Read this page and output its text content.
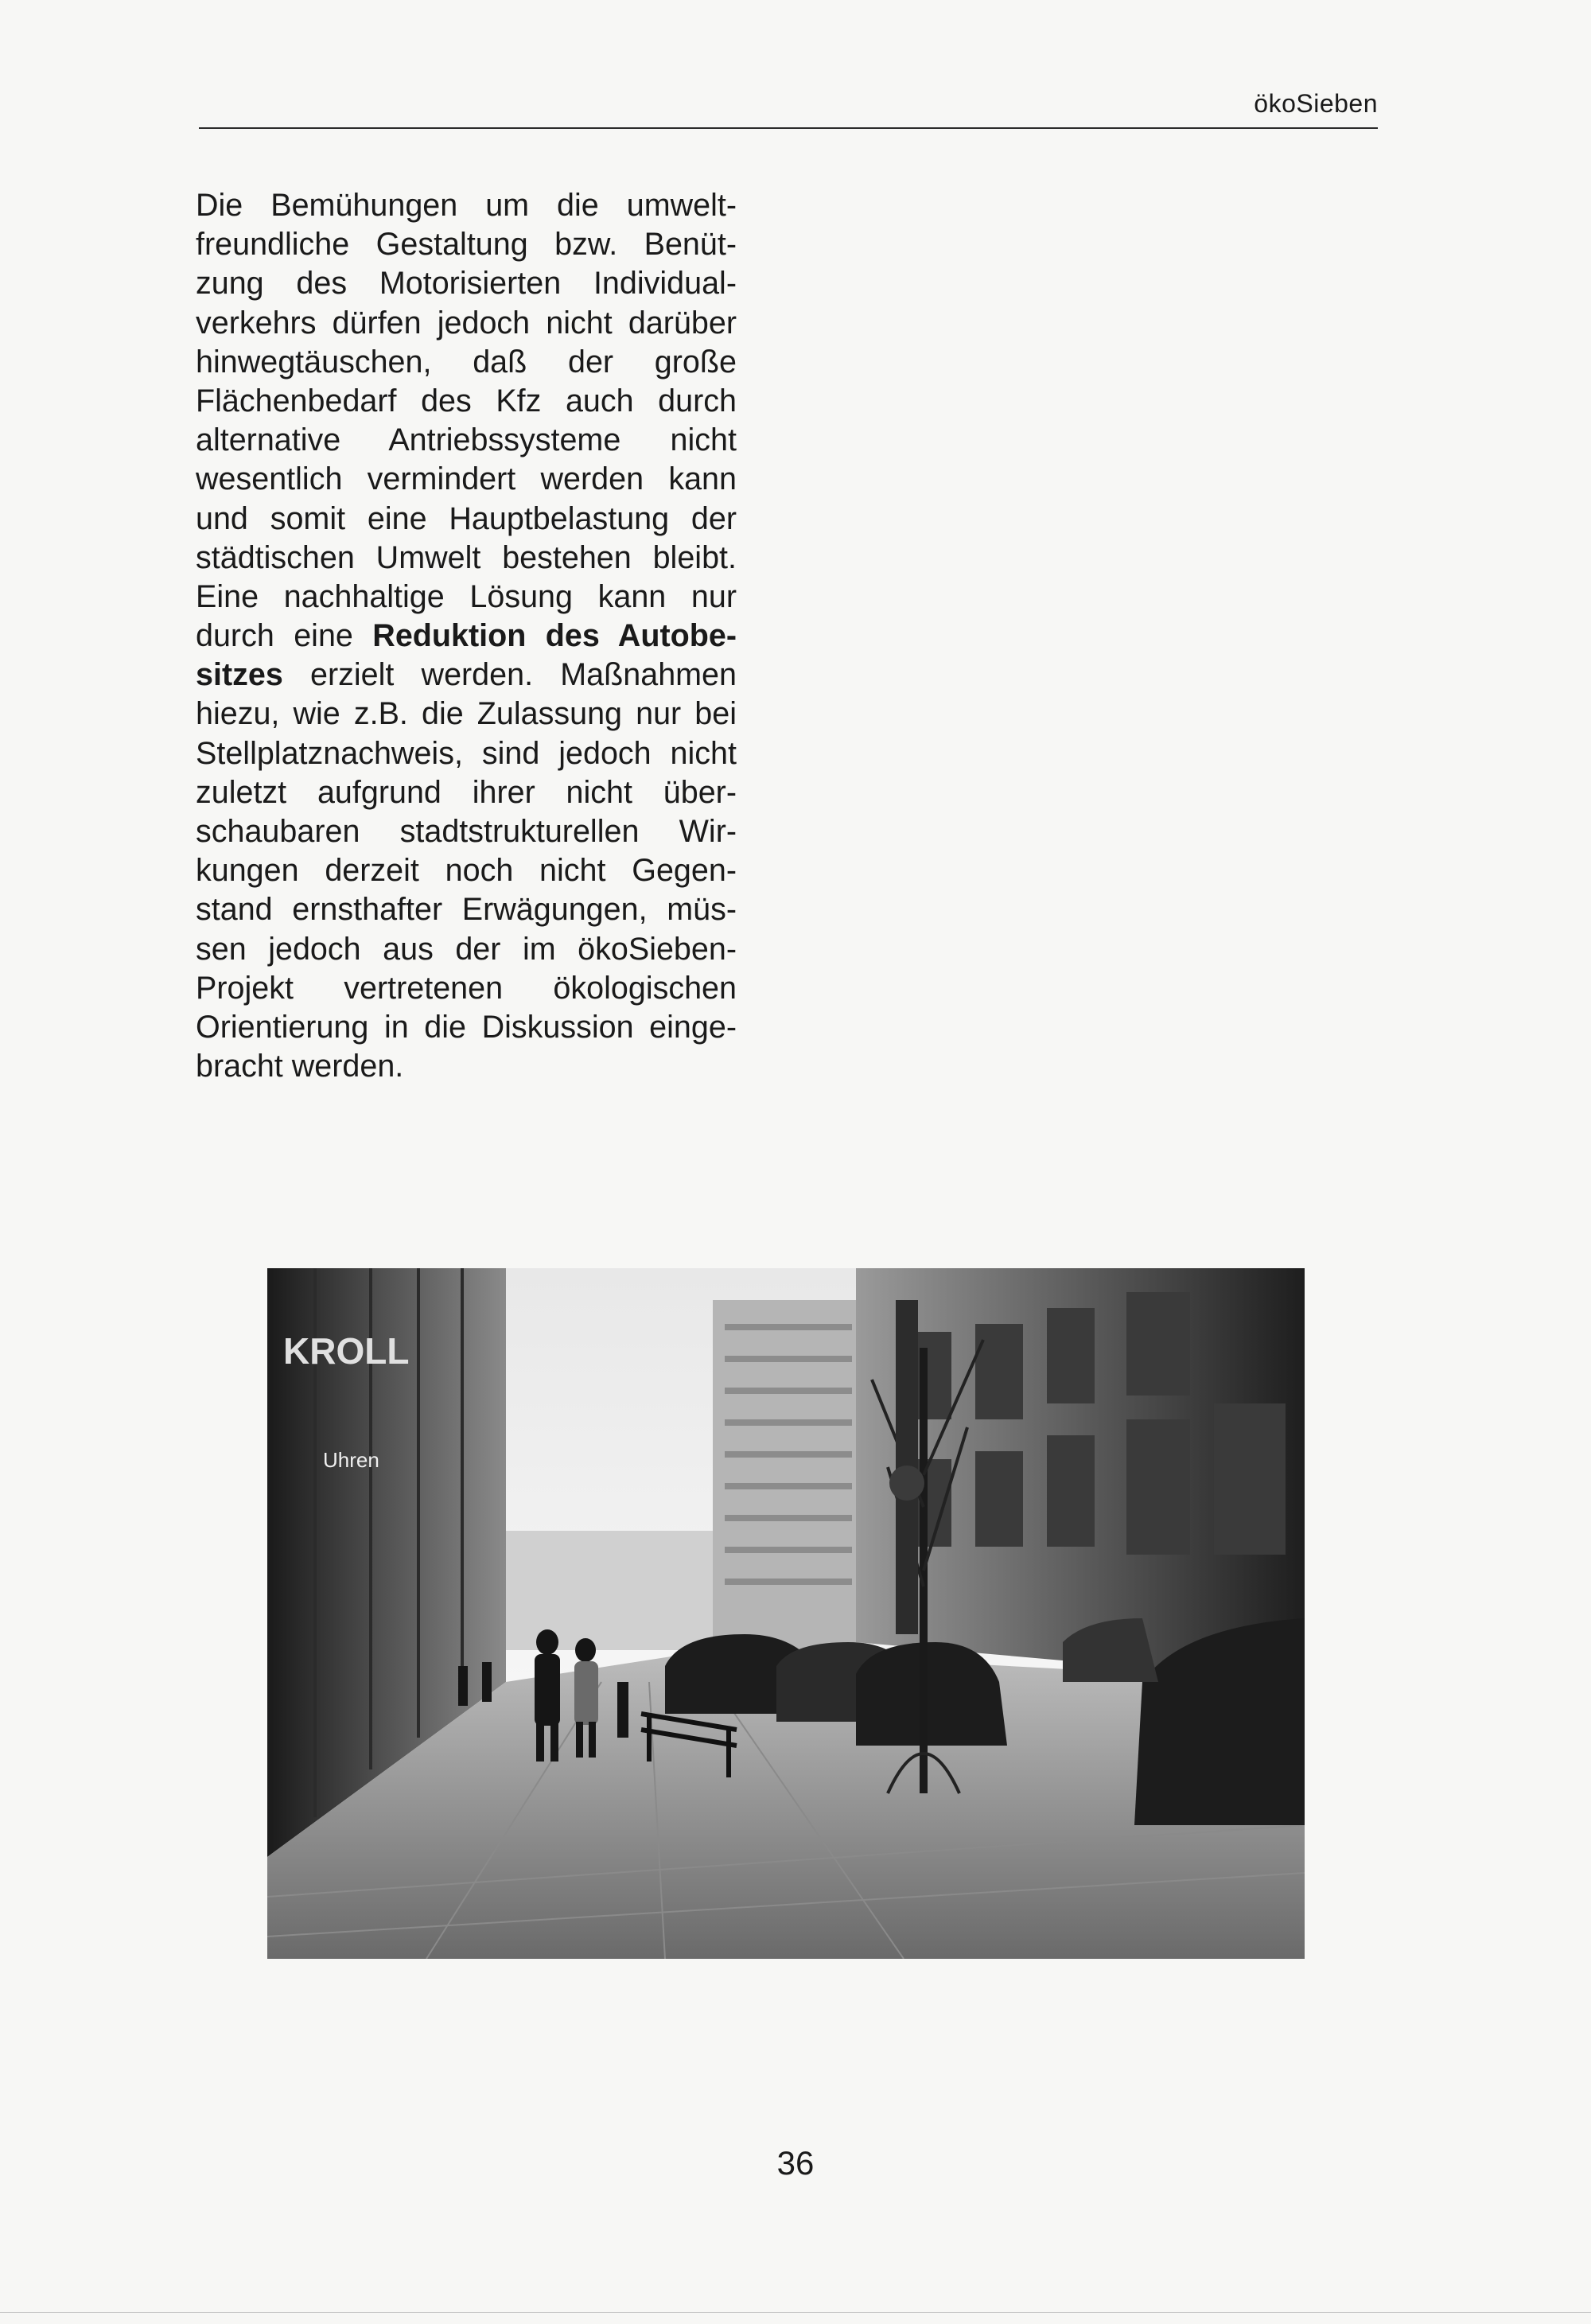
ökoSieben
Die Bemühungen um die umwelt-
freundliche Gestaltung bzw. Benüt-
zung des Motorisierten Individual-
verkehrs dürfen jedoch nicht darüber
hinwegtäuschen, daß der große
Flächenbedarf des Kfz auch durch
alternative Antriebssysteme nicht
wesentlich vermindert werden kann
und somit eine Hauptbelastung der
städtischen Umwelt bestehen bleibt.
Eine nachhaltige Lösung kann nur
durch eine Reduktion des Autobe-
sitzes erzielt werden. Maßnahmen
hiezu, wie z.B. die Zulassung nur bei
Stellplatznachweis, sind jedoch nicht
zuletzt aufgrund ihrer nicht über-
schaubaren stadtstrukturellen Wir-
kungen derzeit noch nicht Gegen-
stand ernsthafter Erwägungen, müs-
sen jedoch aus der im ökoSieben-
Projekt vertretenen ökologischen
Orientierung in die Diskussion einge-
bracht werden.
KROLL
Uhren
36
